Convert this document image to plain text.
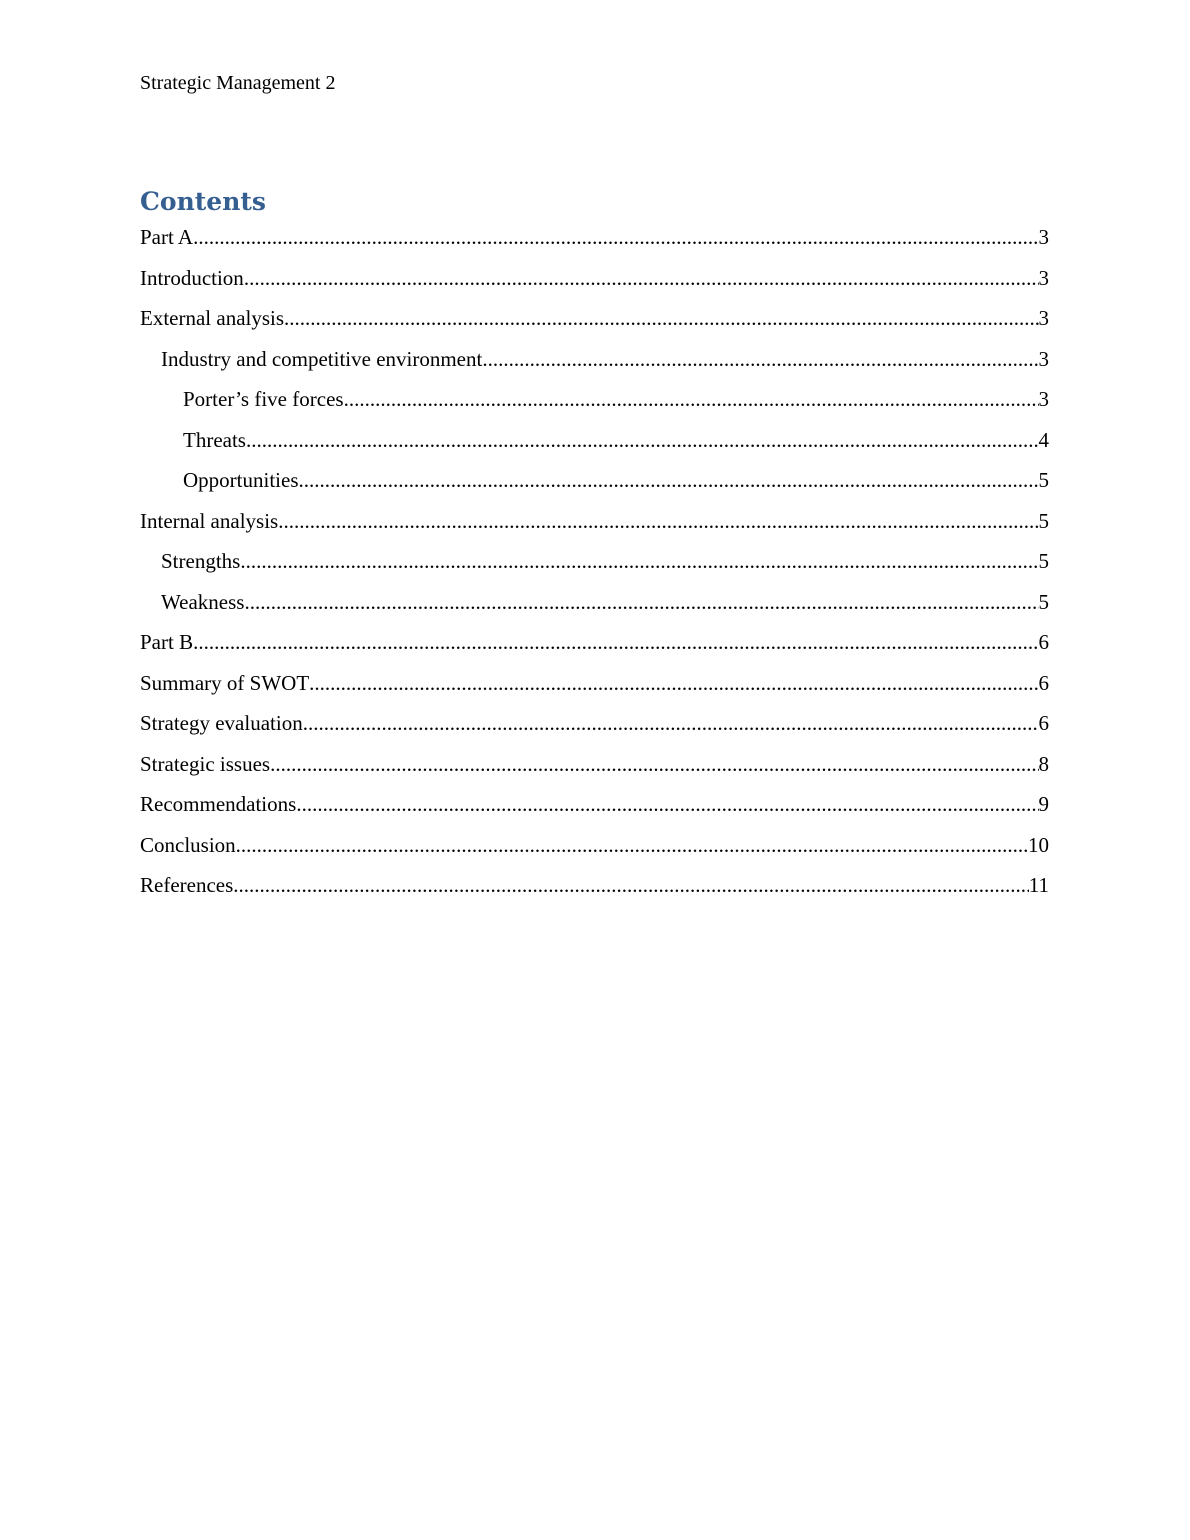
Strategic Management 2
Contents
Part A .....	3
Introduction .....	3
External analysis .....	3
Industry and competitive environment .....	3
Porter’s five forces .....	3
Threats .....	4
Opportunities .....	5
Internal analysis .....	5
Strengths .....	5
Weakness .....	5
Part B .....	6
Summary of SWOT .....	6
Strategy evaluation .....	6
Strategic issues .....	8
Recommendations .....	9
Conclusion .....	10
References .....	11
